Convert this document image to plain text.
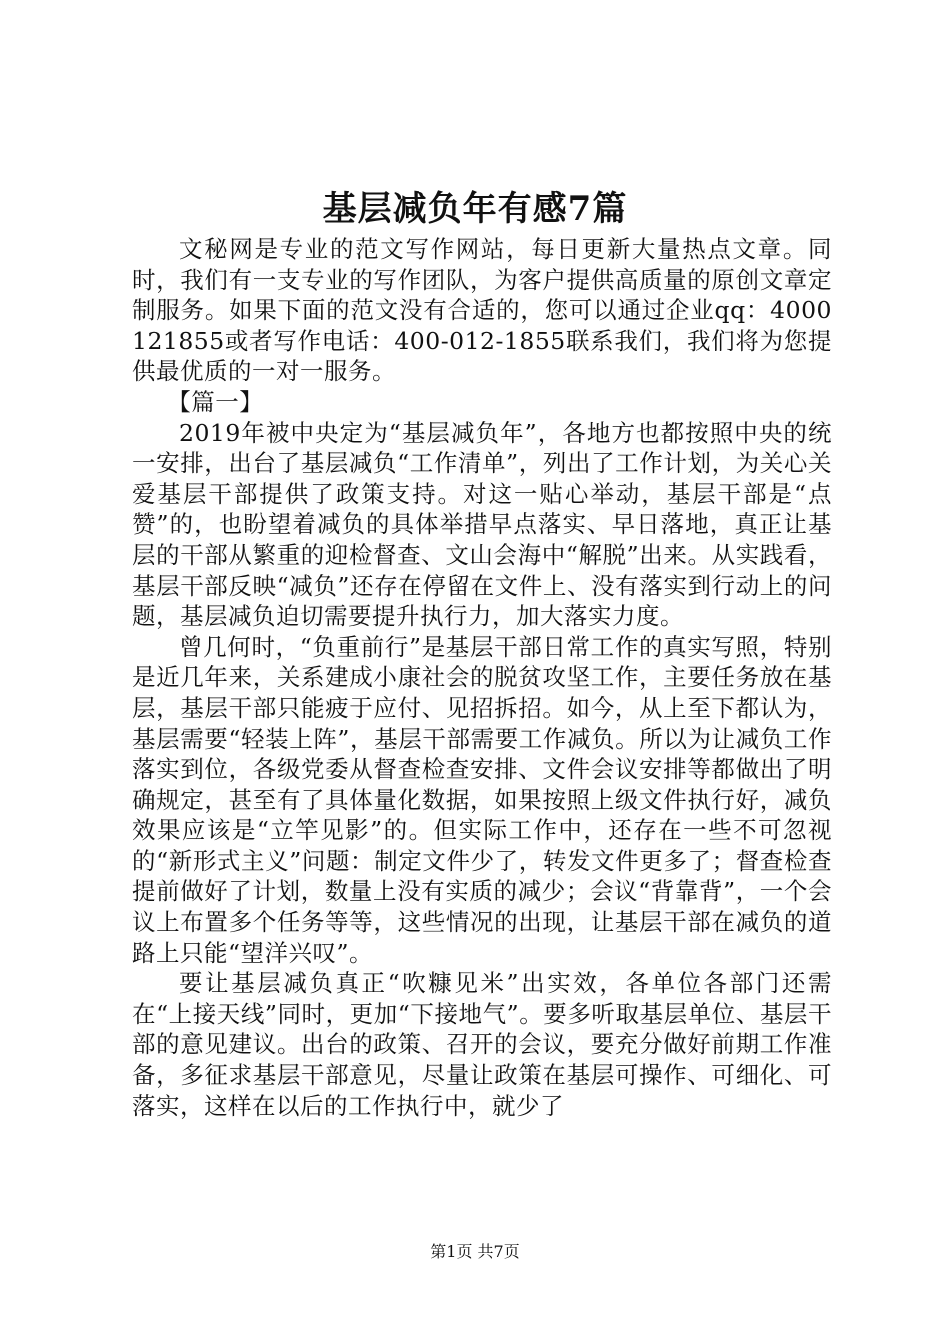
基层减负年有感7篇

文秘网是专业的范文写作网站，每日更新大量热点文章。同时，我们有一支专业的写作团队，为客户提供高质量的原创文章定制服务。如果下面的范文没有合适的，您可以通过企业qq：4000121855或者写作电话：400-012-1855联系我们，我们将为您提供最优质的一对一服务。

【篇一】

2019年被中央定为“基层减负年”，各地方也都按照中央的统一安排，出台了基层减负“工作清单”，列出了工作计划，为关心关爱基层干部提供了政策支持。对这一贴心举动，基层干部是“点赞”的，也盼望着减负的具体举措早点落实、早日落地，真正让基层的干部从繁重的迎检督查、文山会海中“解脱”出来。从实践看，基层干部反映“减负”还存在停留在文件上、没有落实到行动上的问题，基层减负迫切需要提升执行力，加大落实力度。

曾几何时，“负重前行”是基层干部日常工作的真实写照，特别是近几年来，关系建成小康社会的脱贫攻坚工作，主要任务放在基层，基层干部只能疲于应付、见招拆招。如今，从上至下都认为，基层需要“轻装上阵”，基层干部需要工作减负。所以为让减负工作落实到位，各级党委从督查检查安排、文件会议安排等都做出了明确规定，甚至有了具体量化数据，如果按照上级文件执行好，减负效果应该是“立竿见影”的。但实际工作中，还存在一些不可忽视的“新形式主义”问题：制定文件少了，转发文件更多了；督查检查提前做好了计划，数量上没有实质的减少；会议“背靠背”，一个会议上布置多个任务等等，这些情况的出现，让基层干部在减负的道路上只能“望洋兴叹”。

要让基层减负真正“吹糠见米”出实效，各单位各部门还需在“上接天线”同时，更加“下接地气”。要多听取基层单位、基层干部的意见建议。出台的政策、召开的会议，要充分做好前期工作准备，多征求基层干部意见，尽量让政策在基层可操作、可细化、可落实，这样在以后的工作执行中，就少了

第1页 共7页
